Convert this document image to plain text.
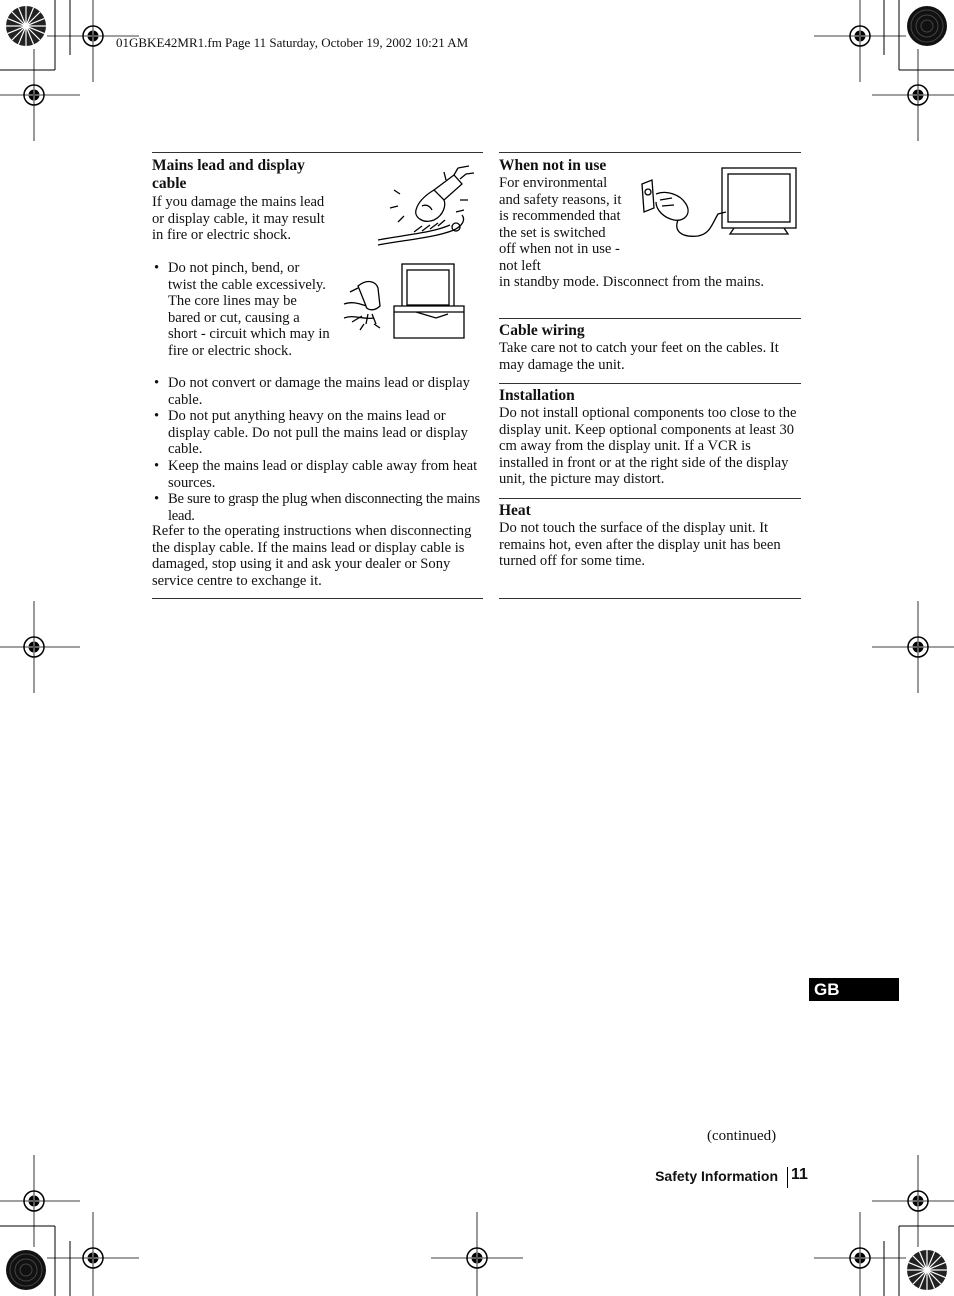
01GBKE42MR1.fm Page 11 Saturday, October 19, 2002 10:21 AM
Mains lead and display cable

If you damage the mains lead or display cable, it may result in fire or electric shock.

• Do not pinch, bend, or twist the cable excessively. The core lines may be bared or cut, causing a short - circuit which may in fire or electric shock.
• Do not convert or damage the mains lead or display cable.
• Do not put anything heavy on the mains lead or display cable. Do not pull the mains lead or display cable.
• Keep the mains lead or display cable away from heat sources.
• Be sure to grasp the plug when disconnecting the mains lead.

Refer to the operating instructions when disconnecting the display cable. If the mains lead or display cable is damaged, stop using it and ask your dealer or Sony service centre to exchange it.

When not in use

For environmental and safety reasons, it is recommended that the set is switched off when not in use - not left

in standby mode. Disconnect from the mains.

Cable wiring

Take care not to catch your feet on the cables. It may damage the unit.

Installation

Do not install optional components too close to the display unit. Keep optional components at least 30 cm away from the display unit. If a VCR is installed in front or at the right side of the display unit, the picture may distort.

Heat

Do not touch the surface of the display unit. It remains hot, even after the display unit has been turned off for some time.

GB
(continued)
Safety Information 11
